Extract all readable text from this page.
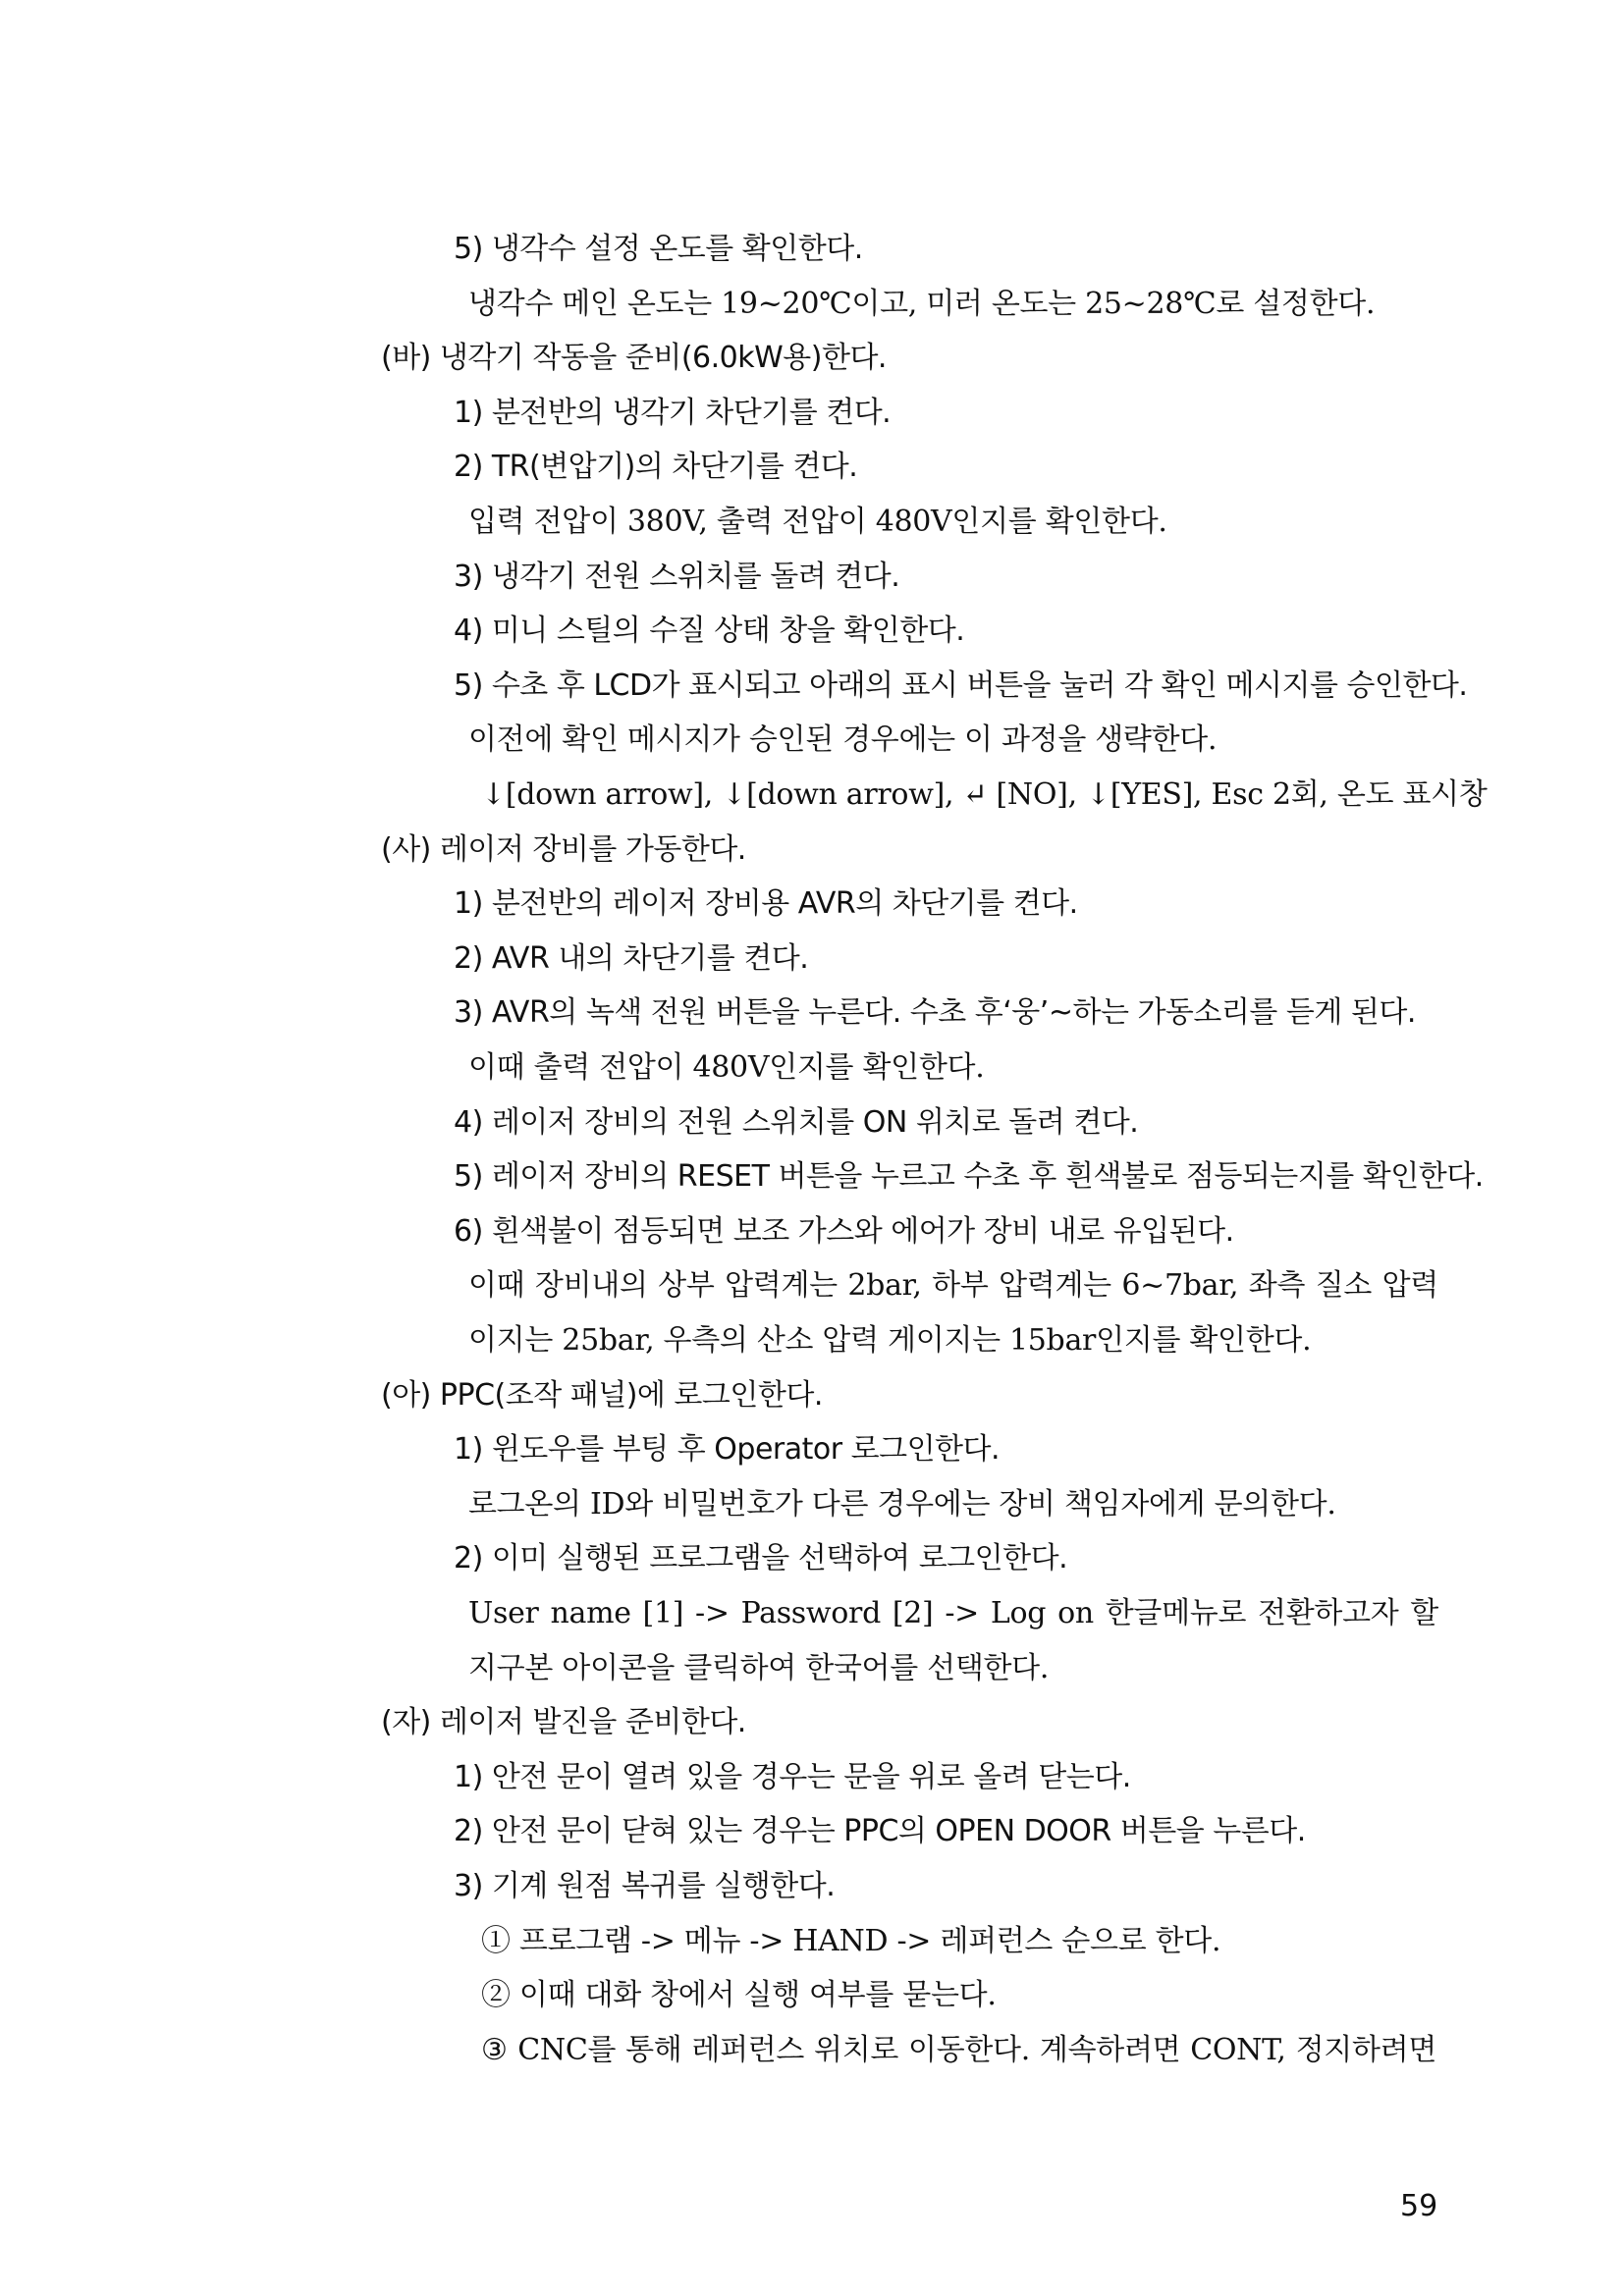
5) 냉각수 설정 온도를 확인한다.
냉각수 메인 온도는 19~20℃이고, 미러 온도는 25~28℃로 설정한다.
(바) 냉각기 작동을 준비(6.0kW용)한다.
1) 분전반의 냉각기 차단기를 켠다.
2) TR(변압기)의 차단기를 켠다.
입력 전압이 380V, 출력 전압이 480V인지를 확인한다.
3) 냉각기 전원 스위치를 돌려 켠다.
4) 미니 스틸의 수질 상태 창을 확인한다.
5) 수초 후 LCD가 표시되고 아래의 표시 버튼을 눌러 각 확인 메시지를 승인한다.
이전에 확인 메시지가 승인된 경우에는 이 과정을 생략한다.
↓[down arrow], ↓[down arrow], ↵ [NO], ↓[YES], Esc 2회, 온도 표시창
(사) 레이저 장비를 가동한다.
1) 분전반의 레이저 장비용 AVR의 차단기를 켠다.
2) AVR 내의 차단기를 켠다.
3) AVR의 녹색 전원 버튼을 누른다. 수초 후‘웅’~하는 가동소리를 듣게 된다.
이때 출력 전압이 480V인지를 확인한다.
4) 레이저 장비의 전원 스위치를 ON 위치로 돌려 켠다.
5) 레이저 장비의 RESET 버튼을 누르고 수초 후 흰색불로 점등되는지를 확인한다.
6) 흰색불이 점등되면 보조 가스와 에어가 장비 내로 유입된다.
이때 장비내의 상부 압력계는 2bar, 하부 압력계는 6~7bar, 좌측 질소 압력
이지는 25bar, 우측의 산소 압력 게이지는 15bar인지를 확인한다.
(아) PPC(조작 패널)에 로그인한다.
1) 윈도우를 부팅 후 Operator 로그인한다.
로그온의 ID와 비밀번호가 다른 경우에는 장비 책임자에게 문의한다.
2) 이미 실행된 프로그램을 선택하여 로그인한다.
User name [1] -> Password [2] -> Log on 한글메뉴로 전환하고자 할
지구본 아이콘을 클릭하여 한국어를 선택한다.
(자) 레이저 발진을 준비한다.
1) 안전 문이 열려 있을 경우는 문을 위로 올려 닫는다.
2) 안전 문이 닫혀 있는 경우는 PPC의 OPEN DOOR 버튼을 누른다.
3) 기계 원점 복귀를 실행한다.
① 프로그램 -> 메뉴 -> HAND -> 레퍼런스 순으로 한다.
② 이때 대화 창에서 실행 여부를 묻는다.
③ CNC를 통해 레퍼런스 위치로 이동한다. 계속하려면 CONT, 정지하려면
59
